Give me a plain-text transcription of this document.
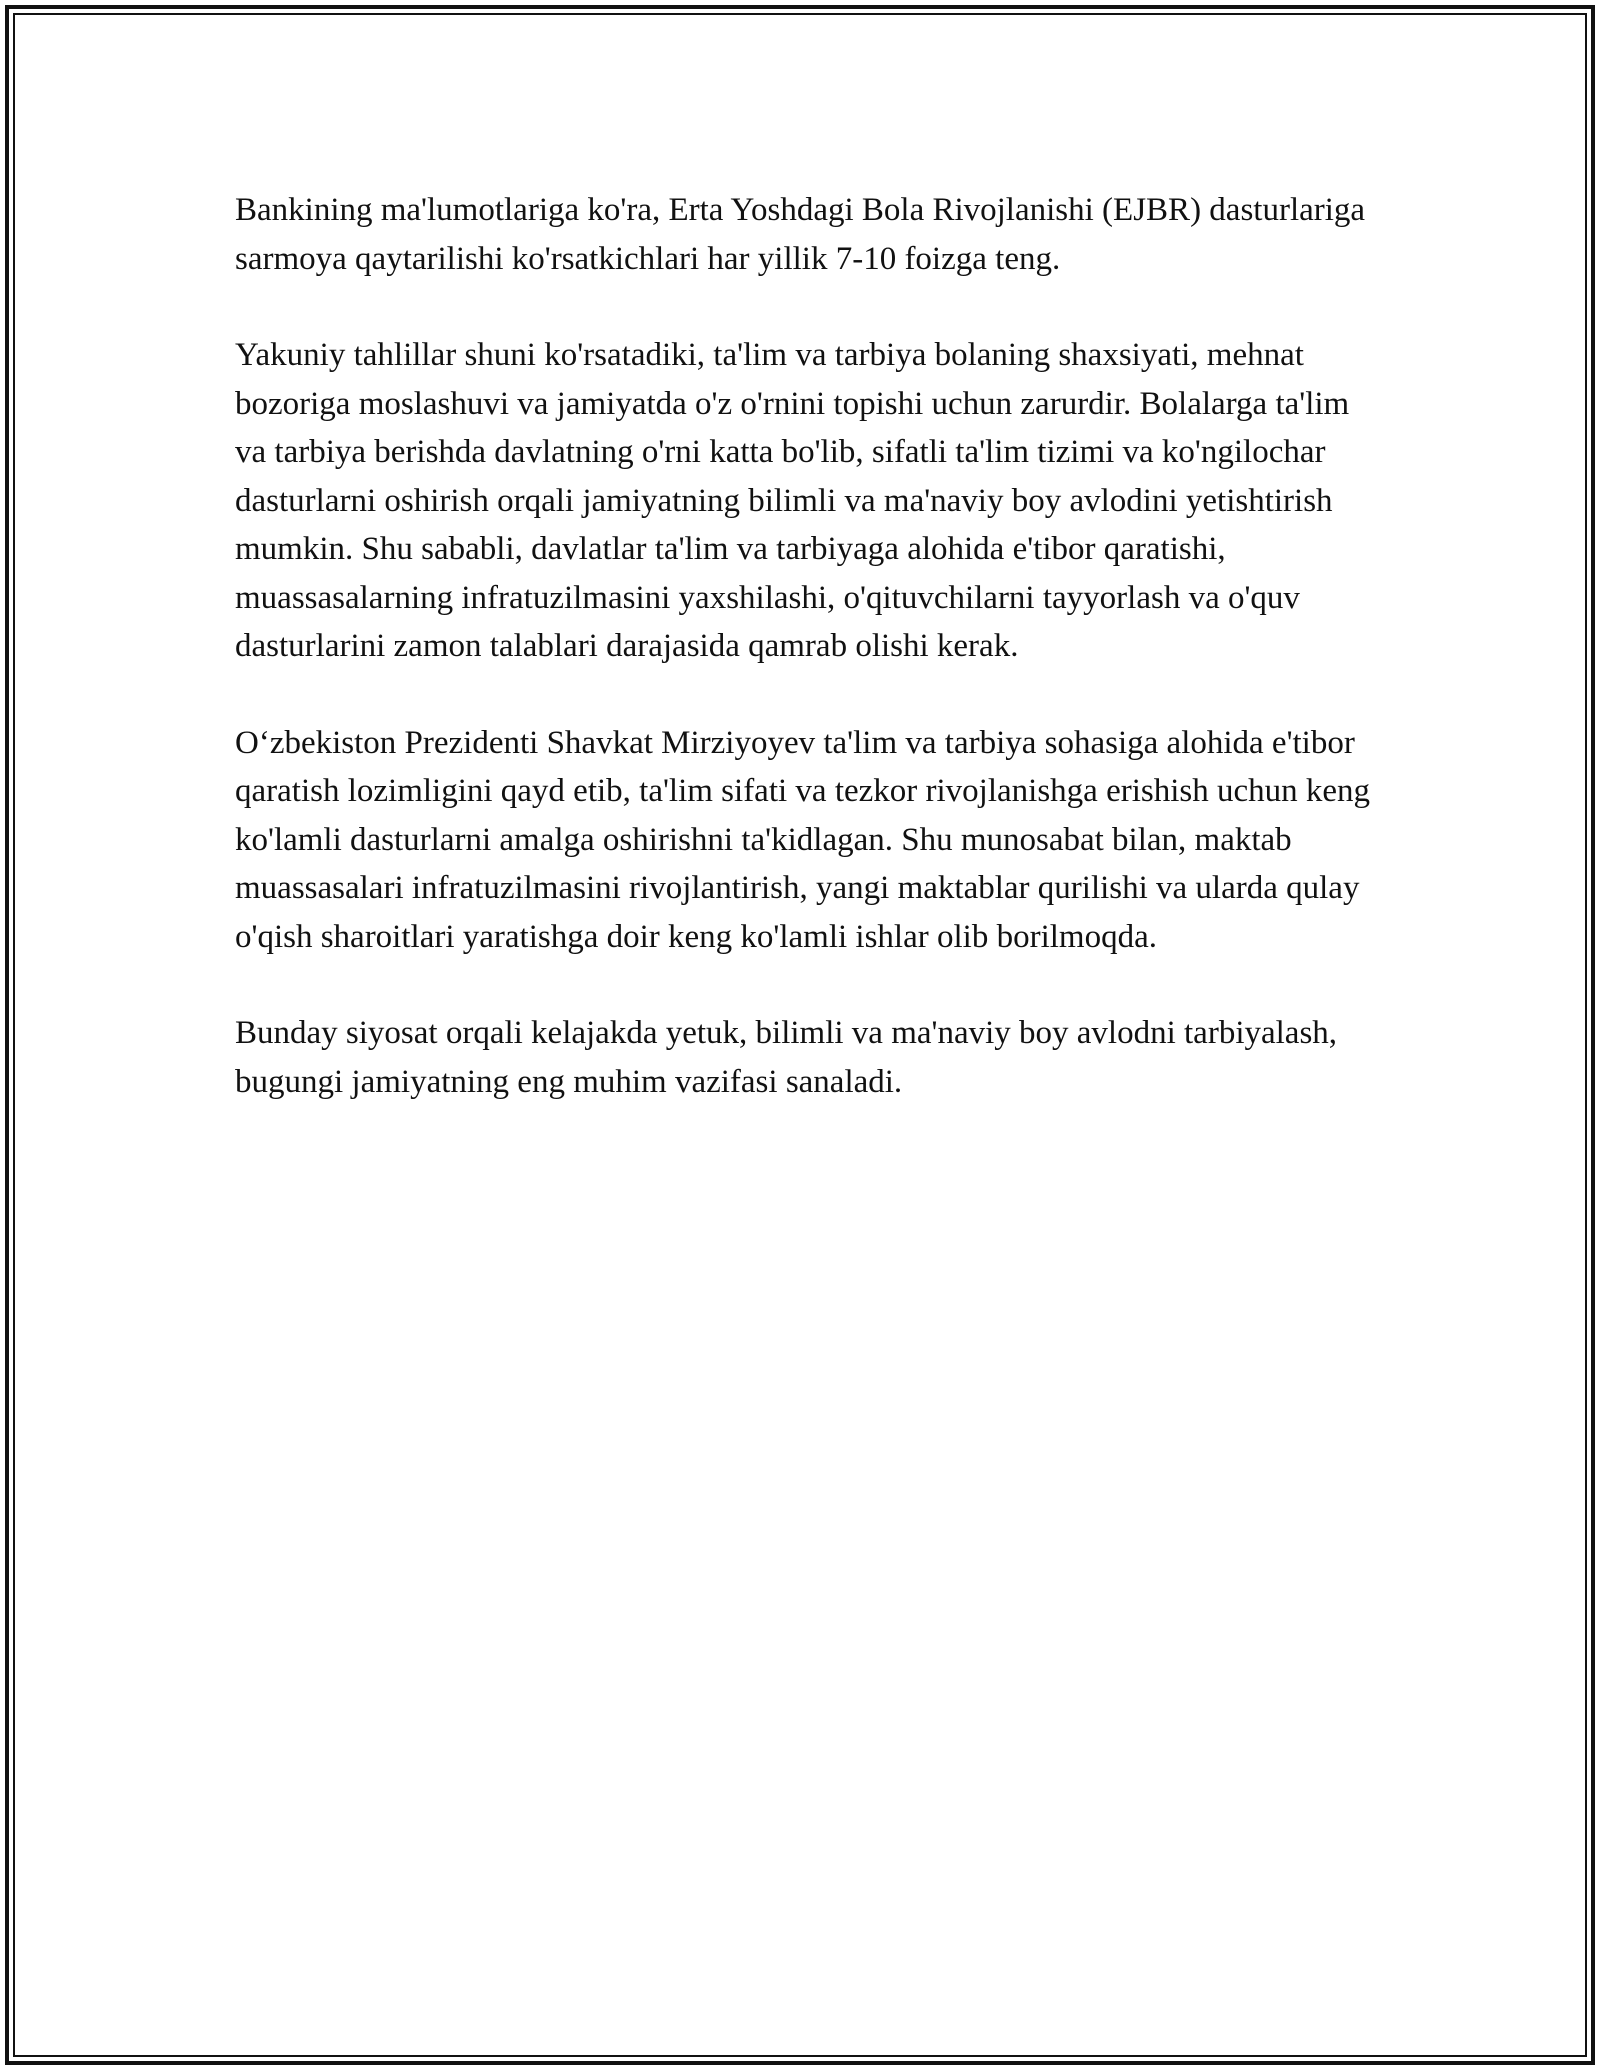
Bankining ma'lumotlariga ko'ra, Erta Yoshdagi Bola Rivojlanishi (EJBR) dasturlariga sarmoya qaytarilishi ko'rsatkichlari har yillik 7-10 foizga teng.

Yakuniy tahlillar shuni ko'rsatadiki, ta'lim va tarbiya bolaning shaxsiyati, mehnat bozoriga moslashuvi va jamiyatda o'z o'rnini topishi uchun zarurdir. Bolalarga ta'lim va tarbiya berishda davlatning o'rni katta bo'lib, sifatli ta'lim tizimi va ko'ngilochar dasturlarni oshirish orqali jamiyatning bilimli va ma'naviy boy avlodini yetishtirish mumkin. Shu sababli, davlatlar ta'lim va tarbiyaga alohida e'tibor qaratishi, muassasalarning infratuzilmasini yaxshilashi, o'qituvchilarni tayyorlash va o'quv dasturlarini zamon talablari darajasida qamrab olishi kerak.

O‘zbekiston Prezidenti Shavkat Mirziyoyev ta'lim va tarbiya sohasiga alohida e'tibor qaratish lozimligini qayd etib, ta'lim sifati va tezkor rivojlanishga erishish uchun keng ko'lamli dasturlarni amalga oshirishni ta'kidlagan. Shu munosabat bilan, maktab muassasalari infratuzilmasini rivojlantirish, yangi maktablar qurilishi va ularda qulay o'qish sharoitlari yaratishga doir keng ko'lamli ishlar olib borilmoqda.

Bunday siyosat orqali kelajakda yetuk, bilimli va ma'naviy boy avlodni tarbiyalash, bugungi jamiyatning eng muhim vazifasi sanaladi.
